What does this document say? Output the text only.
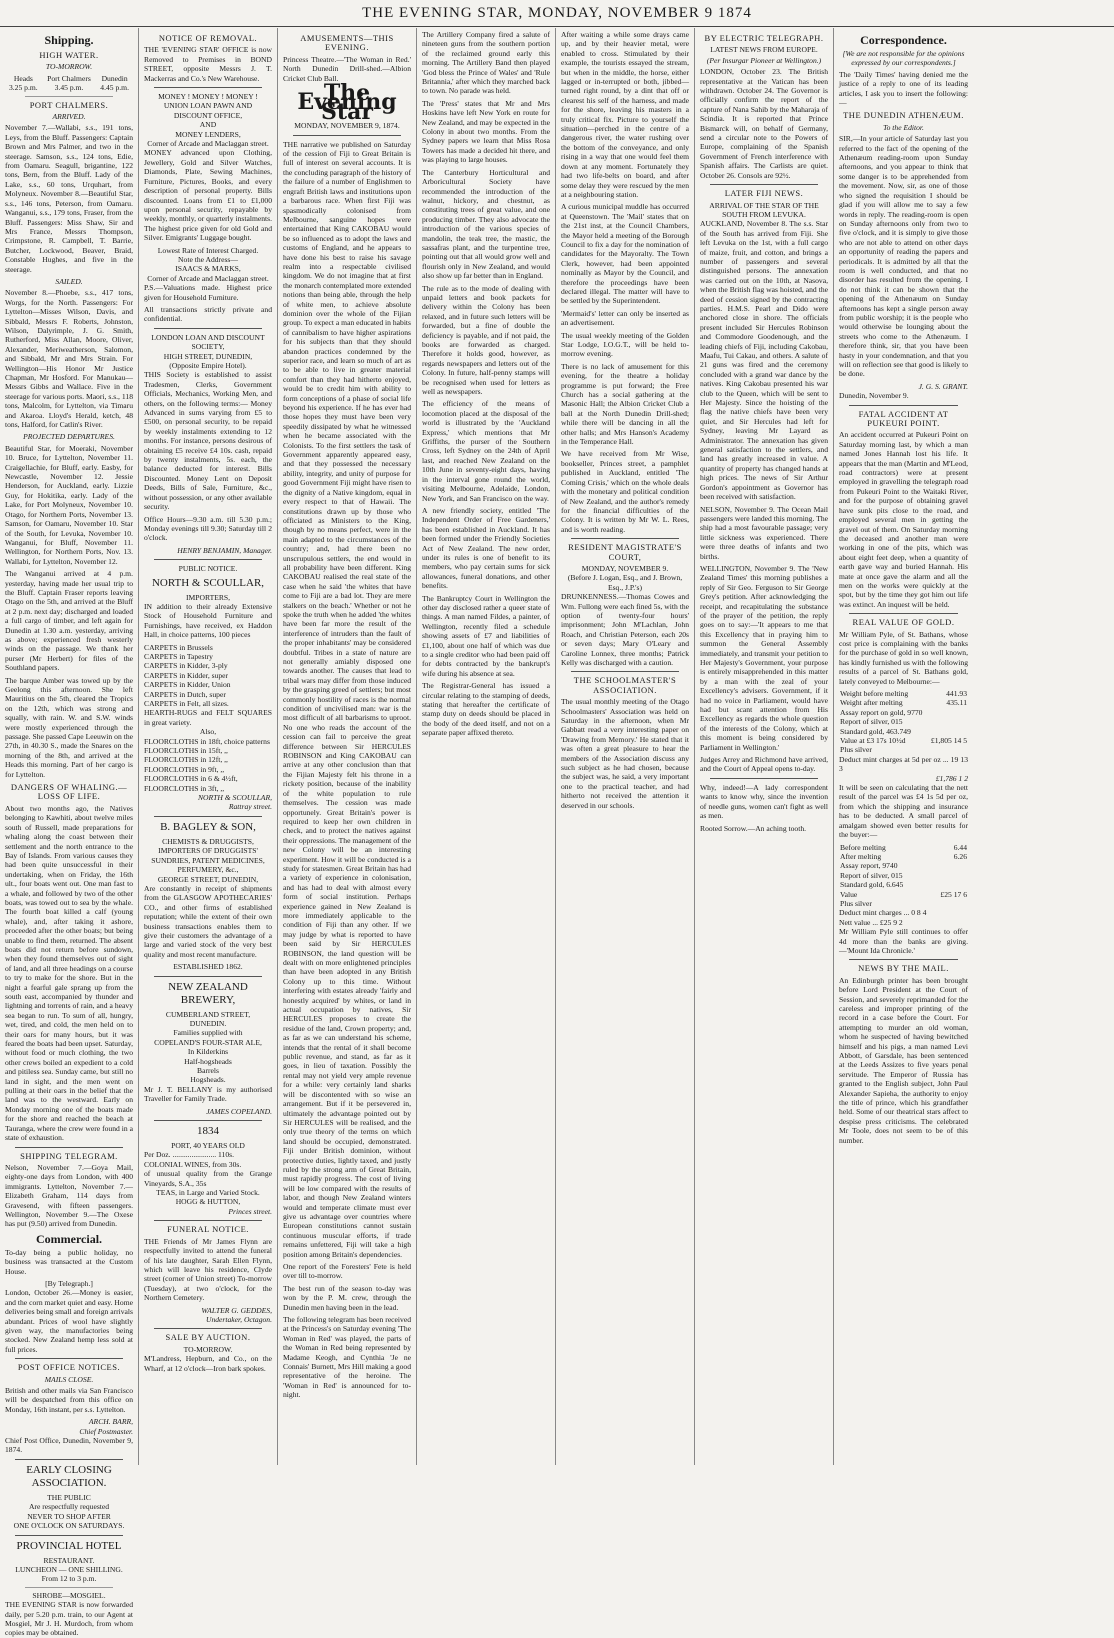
THE EVENING STAR, MONDAY, NOVEMBER 9 1874
Shipping.
HIGH WATER.
TO-MORROW.
Heads	Port Chalmers	Dunedin
3.25 p.m.	3.45 p.m.	4.45 p.m.
PORT CHALMERS.
ARRIVED.

November 7.—Wallabi, s.s., 191 tons, Leys, from the Bluff. Passengers: Captain Brown and Mrs Palmer, and two in the steerage. Samson, s.s., 124 tons, Edie, from Oamaru. Seagull, brigantine, 122 tons, Bern, from the Bluff. Lady of the Lake, s.s., 60 tons, Urquhart, from Molyneux. November 8.—Beautiful Star, s.s., 146 tons, Peterson, from Oamaru. Wanganui, s.s., 179 tons, Fraser, from the Bluff. Passengers: Miss Shaw, Sir and Mrs France, Messrs Thompson, Crimpstone, R. Campbell, T. Barrie, Butcher, Lockwood, Beaver, Braid, Constable Hughes, and five in the steerage.

SAILED.

November 8.—Phoebe, s.s., 417 tons, Worgs, for the North. Passengers: For Lyttelton—Misses Wilson, Davis, and Sibbald, Messrs F. Roberts, Johnston, Wilson, Dalyrimple, J. G. Smith, Rutherford, Miss Allan, Moore, Oliver, Alexander, Meriweatherson, Salomon, and Sibbald, Mr and Mrs Strain. For Wellington—His Honor Mr Justice Chapman, Mr Hosford. For Manukau—Messrs Gibbs and Wallace. Five in the steerage for various ports. Maori, s.s., 118 tons, Malcolm, for Lyttelton, via Timaru and Akaroa. Lloyd's Herald, ketch, 48 tons, Halford, for Catlin's River.

PROJECTED DEPARTURES.

Beautiful Star, for Moeraki, November 10. Bruce, for Lyttelton, November 11. Craigellachie, for Bluff, early. Easby, for Newcastle, November 12. Jessie Henderson, for Auckland, early. Lizzie Guy, for Hokitika, early. Lady of the Lake, for Port Molyneux, November 10. Otago, for Northern Ports, November 13. Samson, for Oamaru, November 10. Star of the South, for Levuka, November 10. Wanganui, for Bluff, November 11. Wellington, for Northern Ports, Nov. 13. Wallabi, for Lyttelton, November 12.

The Wanganui arrived at 4 p.m. yesterday, having made her usual trip to the Bluff. Captain Fraser reports leaving Otago on the 5th, and arrived at the Bluff at 2 p.m. next day; discharged and loaded a full cargo of timber, and left again for Dunedin at 1.30 a.m. yesterday, arriving as above; experienced fresh westerly winds on the passage. We thank her purser (Mr Herbert) for files of the Southland papers.

The barque Amber was towed up by the Geelong this afternoon. She left Mauritius on the 5th, cleared the Tropics on the 12th, which was strong and squally, with rain. W. and S.W. winds were mostly experienced through the passage. She passed Cape Leeuwin on the 27th, in 40.30 S., made the Snares on the morning of the 8th, and arrived at the Heads this morning. Part of her cargo is for Lyttelton.

DANGERS OF WHALING.—LOSS OF LIFE.

About two months ago, the Natives belonging to Kawhiti, about twelve miles south of Russell, made preparations for whaling along the coast between their settlement and the north entrance to the Bay of Islands. From various causes they had been quite unsuccessful in their undertaking, when on Friday, the 16th ult., four boats went out. One man fast to a whale, and followed by two of the other boats, was towed out to sea by the whale. The fourth boat killed a calf (young whale), and, after taking it ashore, proceeded after the other boats; but being unable to find them, returned. The absent boats did not return before sundown, when they found themselves out of sight of land, and all three headings on a course to try to make for the shore. But in the night a fearful gale sprang up from the south east, accompanied by thunder and lightning and torrents of rain, and a heavy sea began to run. To sum of all, hungry, wet, tired, and cold, the men held on to their oars for many hours, but it was feared the boats had been upset. Saturday, without food or much clothing, the two other crews boiled an expedient to a cold and pitiless sea. Sunday came, but still no land in sight, and the men went on pulling at their oars in the belief that the land was to the westward. Early on Monday morning one of the boats made for the shore and reached the beach at Tauranga, where the crew were found in a state of exhaustion.

SHIPPING TELEGRAM.

Nelson, November 7.—Goya Mail, eighty-one days from London, with 400 immigrants. Lyttelton, November 7.—Elizabeth Graham, 114 days from Gravesend, with fifteen passengers. Wellington, November 9.—The Oxese has put (9.50) arrived from Dunedin.

Commercial.

To-day being a public holiday, no business was transacted at the Custom House.

[By Telegraph.]

London, October 26.—Money is easier, and the corn market quiet and easy. Home deliveries being small and foreign arrivals abundant. Prices of wool have slightly given way, the manufactories being stocked. New Zealand hemp less sold at full prices.

POST OFFICE NOTICES.
MAILS CLOSE.

British and other mails via San Francisco will be despatched from this office on Monday, 16th instant, per s.s. Lyttelton.

ARCH. BARR,
Chief Postmaster.

Chief Post Office, Dunedin, November 9, 1874.

EARLY CLOSING ASSOCIATION.
THE PUBLIC
Are respectfully requested
NEVER TO SHOP AFTER
ONE O'CLOCK ON SATURDAYS.
PROVINCIAL HOTEL
RESTAURANT.
LUNCHEON — ONE SHILLING.
From 12 to 3 p.m.
SHROBE—MOSGIEL.

THE EVENING STAR is now forwarded daily, per 5.20 p.m. train, to our Agent at Mosgiel, Mr J. H. Murdoch, from whom copies may be obtained.

NOTICE OF REMOVAL.

THE 'EVENING STAR' OFFICE is now Removed to Premises in BOND STREET, opposite Messrs J. T. Mackerras and Co.'s New Warehouse.

MONEY ! MONEY ! MONEY !
UNION LOAN PAWN AND DISCOUNT OFFICE,
AND
MONEY LENDERS,
Corner of Arcade and Maclaggan street.

MONEY advanced upon Clothing, Jewellery, Gold and Silver Watches, Diamonds, Plate, Sewing Machines, Furniture, Pictures, Books, and every description of personal property. Bills discounted. Loans from £1 to £1,000 upon personal security, repayable by weekly, monthly, or quarterly instalments. The highest price given for old Gold and Silver. Emigrants' Luggage bought.

Lowest Rate of Interest Charged.
Note the Address—
ISAACS & MARKS,
Corner of Arcade and Maclaggan street.

P.S.—Valuations made. Highest price given for Household Furniture.

All transactions strictly private and confidential.

LONDON LOAN AND DISCOUNT SOCIETY,
HIGH STREET, DUNEDIN,
(Opposite Empire Hotel).

THIS Society is established to assist Tradesmen, Clerks, Government Officials, Mechanics, Working Men, and others, on the following terms:— Money Advanced in sums varying from £5 to £500, on personal security, to be repaid by weekly instalments extending to 12 months. For instance, persons desirous of obtaining £5 receive £4 10s. cash, repaid by twenty instalments, 5s. each, the balance deducted for interest. Bills Discounted. Money Lent on Deposit Deeds, Bills of Sale, Furniture, &c., without possession, or any other available security.

Office Hours—9.30 a.m. till 5.30 p.m.; Monday evenings till 9.30; Saturday till 2 o'clock.

HENRY BENJAMIN, Manager.
PUBLIC NOTICE.
NORTH & SCOULLAR,
IMPORTERS,

IN addition to their already Extensive Stock of Household Furniture and Furnishings, have received, ex Haddon Hall, in choice patterns, 100 pieces

CARPETS in Brussels
CARPETS in Tapestry
CARPETS in Kidder, 3-ply
CARPETS in Kidder, super
CARPETS in Kidder, Union
CARPETS in Dutch, super
CARPETS in Felt, all sizes.
HEARTH-RUGS and FELT SQUARES in great variety.
Also,
FLOORCLOTHS in 18ft, choice patterns
FLOORCLOTHS in 15ft, ,,
FLOORCLOTHS in 12ft, ,,
FLOORCLOTHS in 9ft, ,,
FLOORCLOTHS in 6 & 4½ft,
FLOORCLOTHS in 3ft, ,,
NORTH & SCOULLAR,
Rattray street.
B. BAGLEY & SON,
CHEMISTS & DRUGGISTS,
IMPORTERS OF DRUGGISTS' SUNDRIES, PATENT MEDICINES,
PERFUMERY, &c.,
GEORGE STREET, DUNEDIN,

Are constantly in receipt of shipments from the GLASGOW APOTHECARIES' CO., and other firms of established reputation; while the extent of their own business transactions enables them to give their customers the advantage of a large and varied stock of the very best quality and most recent manufacture.

ESTABLISHED 1862.
NEW ZEALAND BREWERY,
CUMBERLAND STREET,
DUNEDIN.
Families supplied with
COPELAND'S FOUR-STAR ALE,
In Kilderkins
Half-hogsheads
Barrels
Hogsheads.

Mr J. T. BELLANY is my authorised Traveller for Family Trade.

JAMES COPELAND.
1834
PORT, 40 YEARS OLD
Per Doz. ....................... 110s.
COLONIAL WINES, from 30s.
of unusual quality from the Grange Vineyards, S.A., 35s
TEAS, in Large and Varied Stock.
HOGG & HUTTON,
Princes street.
FUNERAL NOTICE.

THE Friends of Mr James Flynn are respectfully invited to attend the funeral of his late daughter, Sarah Ellen Flynn, which will leave his residence, Clyde street (corner of Union street) To-morrow (Tuesday), at two o'clock, for the Northern Cemetery.

WALTER G. GEDDES,
Undertaker, Octagon.
SALE BY AUCTION.
TO-MORROW.

M'Landress, Hepburn, and Co., on the Wharf, at 12 o'clock—Iron bark spokes.

AMUSEMENTS—THIS EVENING.

Princess Theatre.—'The Woman in Red.' North Dunedin Drill-shed.—Albion Cricket Club Ball.

The Evening Star
MONDAY, NOVEMBER 9, 1874.

THE narrative we published on Saturday of the cession of Fiji to Great Britain is full of interest on several accounts. It is the concluding paragraph of the history of the failure of a number of Englishmen to engraft British laws and institutions upon a barbarous race. When first Fiji was spasmodically colonised from Melbourne, sanguine hopes were entertained that King CAKOBAU would be so influenced as to adopt the laws and customs of England, and he appears to have done his best to raise his savage realm into a respectable civilised kingdom. We do not imagine that at first the monarch contemplated more extended notions than being able, through the help of white men, to achieve absolute dominion over the whole of the Fijian group. To expect a man educated in habits of cannibalism to have higher aspirations for his subjects than that they should abandon practices condemned by the superior race, and learn so much of art as to be able to live in greater material comfort than they had hitherto enjoyed, would be to credit him with ability to form conceptions of a phase of social life beyond his experience. If he has ever had those hopes they must have been very speedily dissipated by what he witnessed when he became associated with the Colonists. To the first settlers the task of Government apparently appeared easy, and that they possessed the necessary ability, integrity, and unity of purpose for good Government Fiji might have risen to the dignity of a Native kingdom, equal in every respect to that of Hawaii. The constitutions drawn up by those who officiated as Ministers to the King, though by no means perfect, were in the main adapted to the circumstances of the country; and, had there been no unscrupulous settlers, the end would in all probability have been different. King CAKOBAU realised the real state of the case when he said 'the whites that have come to Fiji are a bad lot. They are mere stalkers on the beach.' Whether or not he spoke the truth when he added 'the whites have been far more the result of the interference of intruders than the fault of the proper inhabitants' may be considered doubtful. Tribes in a state of nature are not generally amiably disposed one towards another. The causes that lead to tribal wars may differ from those induced by the grasping greed of settlers; but most commonly hostility of races is the normal condition of uncivilised man: war is the most difficult of all barbarisms to uproot. No one who reads the account of the cession can fail to perceive the great difference between Sir HERCULES ROBINSON and King CAKOBAU can arrive at any other conclusion than that the Fijian Majesty felt his throne in a rickety position, because of the inability of the white population to rule themselves. The cession was made opportunely. Great Britain's power is required to keep her own children in check, and to protect the natives against their oppressions. The management of the new Colony will be an interesting experiment. How it will be conducted is a study for statesmen. Great Britain has had a variety of experience in colonisation, and has had to deal with almost every form of social institution. Perhaps experience gained in New Zealand is more immediately applicable to the condition of Fiji than any other. If we may judge by what is reported to have been said by Sir HERCULES ROBINSON, the land question will be dealt with on more enlightened principles than have been adopted in any British Colony up to this time. Without interfering with estates already 'fairly and honestly acquired' by whites, or land in actual occupation by natives, Sir HERCULES proposes to create the residue of the land, Crown property; and, as far as we can understand his scheme, intends that the rental of it shall become public revenue, and stand, as far as it goes, in lieu of taxation. Possibly the rental may not yield very ample revenue for a while: very certainly land sharks will be discontented with so wise an arrangement. But if it be persevered in, ultimately the advantage pointed out by Sir HERCULES will be realised, and the only true theory of the terms on which land should be occupied, demonstrated. Fiji under British dominion, without protective duties, lightly taxed, and justly ruled by the strong arm of Great Britain, must rapidly progress. The cost of living will be low compared with the results of labor, and though New Zealand winters would and temperate climate must ever give us advantage over countries where European constitutions cannot sustain continuous muscular efforts, if trade remains unfettered, Fiji will take a high position among Britain's dependencies.

One report of the Foresters' Fete is held over till to-morrow.

The best run of the season to-day was won by the P. M. crew, through the Dunedin men having been in the lead.

The following telegram has been received at the Princess's on Saturday evening 'The Woman in Red' was played, the parts of the Woman in Red being represented by Madame Keogh, and Cynthia 'Je ne Connais' Burnett, Mrs Hill making a good representative of the heroine. The 'Woman in Red' is announced for to-night.

The Artillery Company fired a salute of nineteen guns from the southern portion of the reclaimed ground early this morning. The Artillery Band then played 'God bless the Prince of Wales' and 'Rule Britannia,' after which they marched back to town. No parade was held.

The 'Press' states that Mr and Mrs Hoskins have left New York en route for New Zealand, and may be expected in the Colony in about two months. From the Sydney papers we learn that Miss Rosa Towers has made a decided hit there, and was playing to large houses.

The Canterbury Horticultural and Arboricultural Society have recommended the introduction of the walnut, hickory, and chestnut, as constituting trees of great value, and one producing timber. They also advocate the introduction of the various species of mandolin, the teak tree, the mastic, the sassafras plant, and the turpentine tree, pointing out that all would grow well and flourish only in New Zealand, and would also show up far better than in England.

The rule as to the mode of dealing with unpaid letters and book packets for delivery within the Colony has been relaxed, and in future such letters will be forwarded, but a fine of double the deficiency is payable, and if not paid, the books are forwarded as charged. Therefore it holds good, however, as regards newspapers and letters out of the Colony. In future, half-penny stamps will be recognised when used for letters as well as newspapers.

The efficiency of the means of locomotion placed at the disposal of the world is illustrated by the 'Auckland Express,' which mentions that Mr Griffiths, the purser of the Southern Cross, left Sydney on the 24th of April last, and reached New Zealand on the 10th June in seventy-eight days, having in the interval gone round the world, visiting Melbourne, Adelaide, London, New York, and San Francisco on the way.

A new friendly society, entitled 'The Independent Order of Free Gardeners,' has been established in Auckland. It has been formed under the Friendly Societies Act of New Zealand. The new order, under its rules is one of benefit to its members, who pay certain sums for sick allowances, funeral donations, and other benefits.

The Bankruptcy Court in Wellington the other day disclosed rather a queer state of things. A man named Fildes, a painter, of Wellington, recently filed a schedule showing assets of £7 and liabilities of £1,100, about one half of which was due to a single creditor who had been paid off for debts contracted by the bankrupt's wife during his absence at sea.

The Registrar-General has issued a circular relating to the stamping of deeds, stating that hereafter the certificate of stamp duty on deeds should be placed in the body of the deed itself, and not on a separate paper affixed thereto.

After waiting a while some drays came up, and by their heavier metal, were enabled to cross. Stimulated by their example, the tourists essayed the stream, but when in the middle, the horse, either lagged or in-terrupted or both, jibbed—turned right round, by a dint that off or clearest his self of the harness, and made for the shore, leaving his masters in a truly critical fix. Picture to yourself the situation—perched in the centre of a dangerous river, the water rushing over the bottom of the conveyance, and only rising in a way that one would feel them down at any moment. Fortunately they had two life-belts on board, and after some delay they were rescued by the men at a neighbouring station.

A curious municipal muddle has occurred at Queenstown. The 'Mail' states that on the 21st inst, at the Council Chambers, the Mayor held a meeting of the Borough Council to fix a day for the nomination of candidates for the Mayoralty. The Town Clerk, however, had been appointed nominally as Mayor by the Council, and therefore the proceedings have been declared illegal. The matter will have to be settled by the Superintendent.

'Mermaid's' letter can only be inserted as an advertisement.

The usual weekly meeting of the Golden Star Lodge, I.O.G.T., will be held to-morrow evening.

There is no lack of amusement for this evening, for the theatre a holiday programme is put forward; the Free Church has a social gathering at the Masonic Hall; the Albion Cricket Club a ball at the North Dunedin Drill-shed; while there will be dancing in all the other halls; and Mrs Hanson's Academy in the Temperance Hall.

We have received from Mr Wise, bookseller, Princes street, a pamphlet published in Auckland, entitled 'The Coming Crisis,' which on the whole deals with the monetary and political condition of New Zealand, and the author's remedy for the financial difficulties of the Colony. It is written by Mr W. L. Rees, and is worth reading.

RESIDENT MAGISTRATE'S COURT,
MONDAY, NOVEMBER 9.
(Before J. Logan, Esq., and J. Brown, Esq., J.P.'s)

DRUNKENNESS.—Thomas Cowes and Wm. Fullong were each fined 5s, with the option of twenty-four hours' imprisonment; John M'Lachlan, John Roach, and Christian Peterson, each 20s or seven days; Mary O'Leary and Caroline Lonnex, three months; Patrick Kelly was discharged with a caution.

THE SCHOOLMASTER'S ASSOCIATION.

The usual monthly meeting of the Otago Schoolmasters' Association was held on Saturday in the afternoon, when Mr Gabbatt read a very interesting paper on 'Drawing from Memory.' He stated that it was often a great pleasure to hear the members of the Association discuss any such subject as he had chosen, because the subject was, he said, a very important one to the practical teacher, and had hitherto not received the attention it deserved in our schools.

BY ELECTRIC TELEGRAPH.
LATEST NEWS FROM EUROPE.
(Per Insurgar Pioneer at Wellington.)

LONDON, October 23. The British representative at the Vatican has been withdrawn. October 24. The Governor is officially confirm the report of the capture of Nana Sahib by the Maharaja of Scindia. It is reported that Prince Bismarck will, on behalf of Germany, send a circular note to the Powers of Europe, complaining of the Spanish Government of French interference with Spanish affairs. The Carlists are quiet. October 26. Consols are 92½.

LATER FIJI NEWS.
ARRIVAL OF THE STAR OF THE SOUTH FROM LEVUKA.

AUCKLAND, November 8. The s.s. Star of the South has arrived from Fiji. She left Levuka on the 1st, with a full cargo of maize, fruit, and cotton, and brings a number of passengers and several distinguished persons. The annexation was carried out on the 10th, at Nasova, when the British flag was hoisted, and the deed of cession signed by the contracting parties. H.M.S. Pearl and Dido were anchored close in shore. The officials present included Sir Hercules Robinson and Commodore Goodenough, and the leading chiefs of Fiji, including Cakobau, Maafu, Tui Cakau, and others. A salute of 21 guns was fired and the ceremony concluded with a grand war dance by the natives. King Cakobau presented his war club to the Queen, which will be sent to Her Majesty. Since the hoisting of the flag the native chiefs have been very quiet, and Sir Hercules had left for Sydney, leaving Mr Layard as Administrator. The annexation has given general satisfaction to the settlers, and land has greatly increased in value. A quantity of property has changed hands at high prices. The news of Sir Arthur Gordon's appointment as Governor has been received with satisfaction.

NELSON, November 9. The Ocean Mail passengers were landed this morning. The ship had a most favourable passage; very little sickness was experienced. There were three deaths of infants and two births.

WELLINGTON, November 9. The 'New Zealand Times' this morning publishes a reply of Sir Geo. Ferguson to Sir George Grey's petition. After acknowledging the receipt, and recapitulating the substance of the prayer of the petition, the reply goes on to say:—'It appears to me that this Excellency that in praying him to summon the General Assembly immediately, and transmit your petition to Her Majesty's Government, your purpose is entirely misapprehended in this matter by a man with the zeal of your Excellency's advisers. Government, if it had no voice in Parliament, would have had but scant attention from His Excellency as regards the whole question of the interests of the Colony, which at this moment is being considered by Parliament in Wellington.'

Judges Arrey and Richmond have arrived, and the Court of Appeal opens to-day.

Why, indeed!—A lady correspondent wants to know why, since the invention of needle guns, women can't fight as well as men.

Rooted Sorrow.—An aching tooth.

Correspondence.
[We are not responsible for the opinions expressed by our correspondents.]

The 'Daily Times' having denied me the justice of a reply to one of its leading articles, I ask you to insert the following:—

THE DUNEDIN ATHENÆUM.
To the Editor.

SIR,—In your article of Saturday last you referred to the fact of the opening of the Athenæum reading-room upon Sunday afternoons, and you appear to think that some danger is to be apprehended from the movement. Now, sir, as one of those who signed the requisition I should be glad if you will allow me to say a few words in reply. The reading-room is open on Sunday afternoons only from two to five o'clock, and it is simply to give those who are not able to attend on other days an opportunity of reading the papers and periodicals. It is admitted by all that the room is well conducted, and that no disorder has resulted from the opening. I do not think it can be shown that the opening of the Athenæum on Sunday afternoons has kept a single person away from public worship; it is the people who would otherwise be lounging about the streets who come to the Athenæum. I therefore think, sir, that you have been hasty in your condemnation, and that you will on reflection see that good is likely to be done.

J. G. S. GRANT.
Dunedin, November 9.
FATAL ACCIDENT AT PUKEURI POINT.

An accident occurred at Pukeuri Point on Saturday morning last, by which a man named Jones Hannah lost his life. It appears that the man (Martin and M'Leod, road contractors) were at present employed in gravelling the telegraph road from Pukeuri Point to the Waitaki River, and for the purpose of obtaining gravel have sunk pits close to the road, and employed several men in getting the gravel out of them. On Saturday morning the deceased and another man were working in one of the pits, which was about eight feet deep, when a quantity of earth gave way and buried Hannah. His mate at once gave the alarm and all the men on the works were quickly at the spot, but by the time they got him out life was extinct. An inquest will be held.

REAL VALUE OF GOLD.

Mr William Pyle, of St. Bathans, whose cost price is complaining with the banks for the purchase of gold in so well known, has kindly furnished us with the following results of a parcel of St. Bathans gold, lately conveyed to Melbourne:—

Weight before melting	441.93
Weight after melting	435.11
Assay report on gold, 9770	
Report of silver, 015	
Standard gold, 463.749	
Value at £3 17s 10½d	£1,805 14 5
Plus silver	
Deduct mint charges at 5d per oz ... 19 13 3
£1,786 1 2

It will be seen on calculating that the nett result of the parcel was £4 1s 5d per oz, from which the shipping and insurance has to be deducted. A small parcel of amalgam showed even better results for the buyer:—

Before melting	6.44
After melting	6.26
Assay report, 9740	
Report of silver, 015	
Standard gold, 6.645	
Value	£25 17 6
Plus silver	
Deduct mint charges ... 0 8 4
Nett value ... £25 9 2

Mr William Pyle still continues to offer 4d more than the banks are giving.—'Mount Ida Chronicle.'

NEWS BY THE MAIL.

An Edinburgh printer has been brought before Lord President at the Court of Session, and severely reprimanded for the careless and improper printing of the record in a case before the Court. For attempting to murder an old woman, whom he suspected of having bewitched himself and his pigs, a man named Levi Abbott, of Garsdale, has been sentenced at the Leeds Assizes to five years penal servitude. The Emperor of Russia has granted to the English subject, John Paul Alexander Sapieha, the authority to enjoy the title of prince, which his grandfather held. Some of our theatrical stars affect to despise press criticisms. The celebrated Mr Toole, does not seem to be of this number.
